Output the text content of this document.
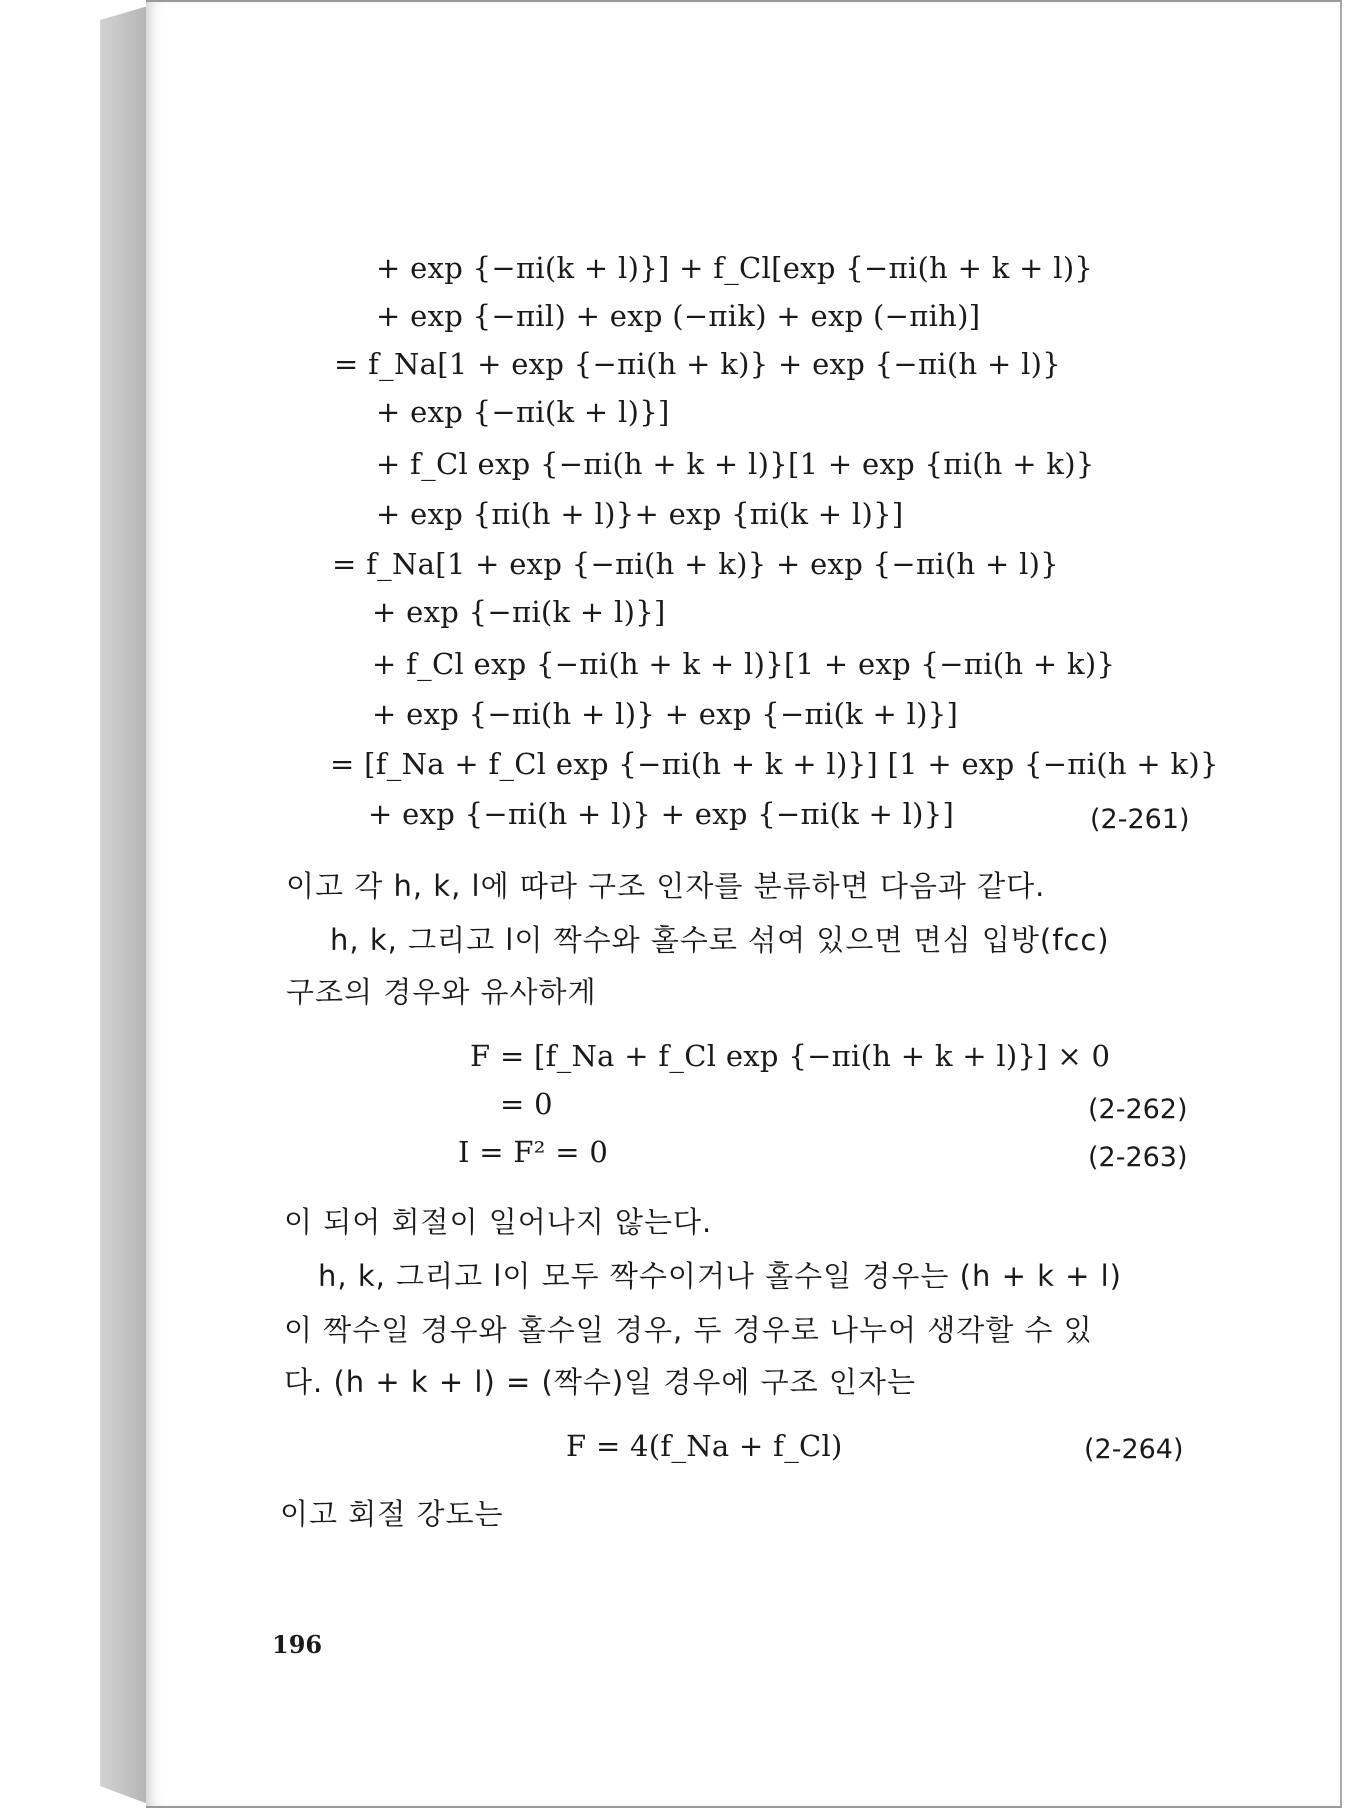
+ exp {−πi(k + l)}] + f_Cl[exp {−πi(h + k + l)}
+ exp {−πil) + exp (−πik) + exp (−πih)]
= f_Na[1 + exp {−πi(h + k)} + exp {−πi(h + l)}
+ exp {−πi(k + l)}]
+ f_Cl exp {−πi(h + k + l)}[1 + exp {πi(h + k)}
+ exp {πi(h + l)}+ exp {πi(k + l)}]
= f_Na[1 + exp {−πi(h + k)} + exp {−πi(h + l)}
+ exp {−πi(k + l)}]
+ f_Cl exp {−πi(h + k + l)}[1 + exp {−πi(h + k)}
+ exp {−πi(h + l)} + exp {−πi(k + l)}]
= [f_Na + f_Cl exp {−πi(h + k + l)}] [1 + exp {−πi(h + k)}
+ exp {−πi(h + l)} + exp {−πi(k + l)}]
이고 각 h, k, l에 따라 구조 인자를 분류하면 다음과 같다.
h, k, 그리고 l이 짝수와 홀수로 섞여 있으면 면심 입방(fcc)
구조의 경우와 유사하게
F = [f_Na + f_Cl exp {−πi(h + k + l)}] × 0
= 0
I = F² = 0
이 되어 회절이 일어나지 않는다.
h, k, 그리고 l이 모두 짝수이거나 홀수일 경우는 (h + k + l)
이 짝수일 경우와 홀수일 경우, 두 경우로 나누어 생각할 수 있
다. (h + k + l) = (짝수)일 경우에 구조 인자는
F = 4(f_Na + f_Cl)
이고 회절 강도는
(2-261)
(2-262)
(2-263)
(2-264)
196
